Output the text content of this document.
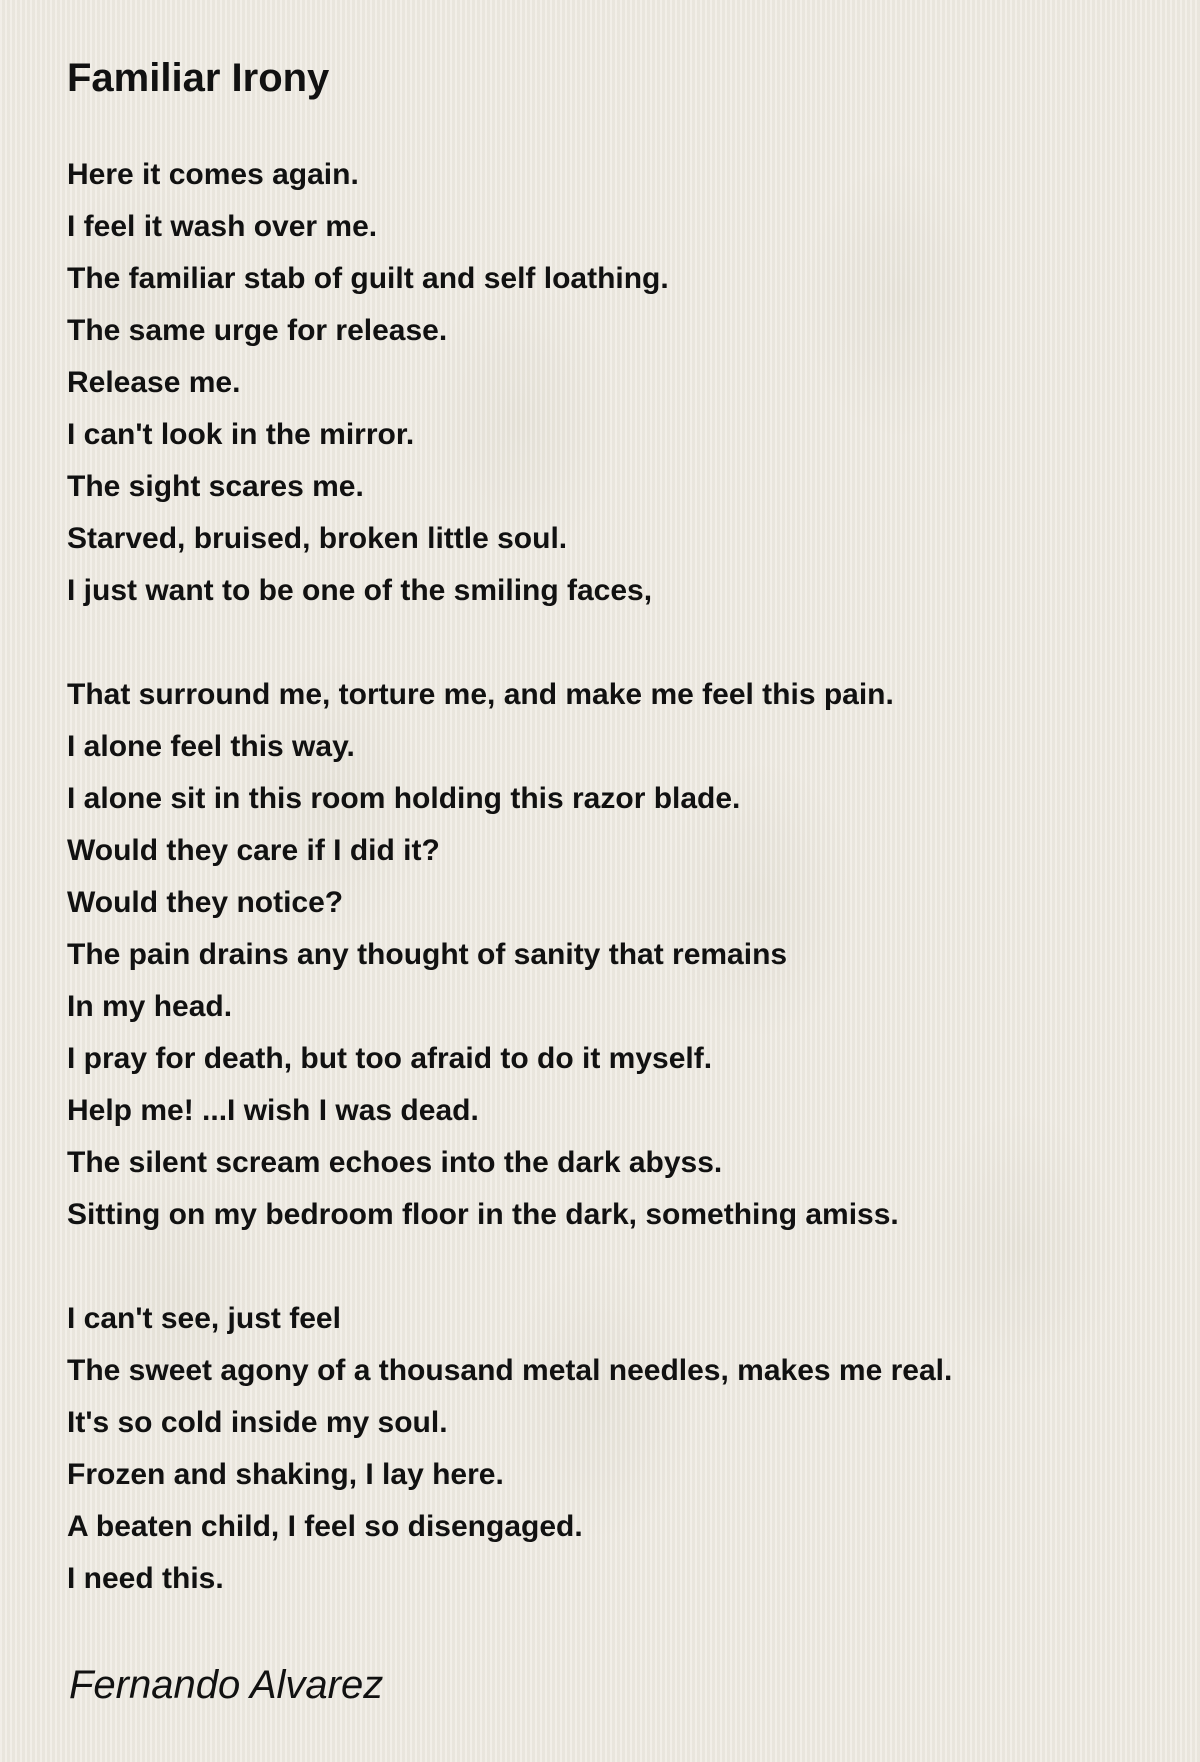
Familiar Irony
Here it comes again.
I feel it wash over me.
The familiar stab of guilt and self loathing.
The same urge for release.
Release me.
I can't look in the mirror.
The sight scares me.
Starved, bruised, broken little soul.
I just want to be one of the smiling faces,
That surround me, torture me, and make me feel this pain.
I alone feel this way.
I alone sit in this room holding this razor blade.
Would they care if I did it?
Would they notice?
The pain drains any thought of sanity that remains
In my head.
I pray for death, but too afraid to do it myself.
Help me! ...I wish I was dead.
The silent scream echoes into the dark abyss.
Sitting on my bedroom floor in the dark, something amiss.
I can't see, just feel
The sweet agony of a thousand metal needles, makes me real.
It's so cold inside my soul.
Frozen and shaking, I lay here.
A beaten child, I feel so disengaged.
I need this.
Fernando Alvarez
